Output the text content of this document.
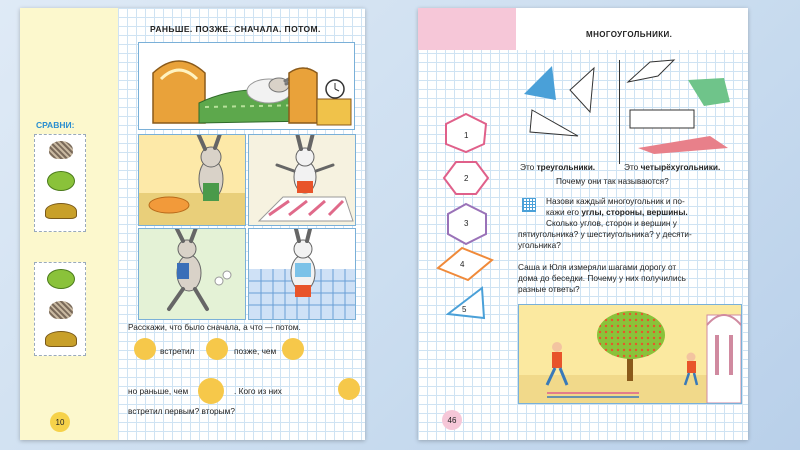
РАНЬШЕ. ПОЗЖЕ. СНАЧАЛА. ПОТОМ.
СРАВНИ:
Расскажи, что было сначала, а что — потом.
встретил	позже, чем
но раньше, чем	. Кого из них
встретил первым? вторым?
10
МНОГОУГОЛЬНИКИ.
Это треугольники.	Это четырёхугольники.
Почему они так называются?
Назови каждый многоугольник и по-
кажи его углы, стороны, вершины.
Сколько углов, сторон и вершин у
пятиугольника? у шестиугольника? у десяти-
угольника?
Саша и Юля измеряли шагами дорогу от
дома до беседки. Почему у них получились
разные ответы?
1
2
3
4
5
46
